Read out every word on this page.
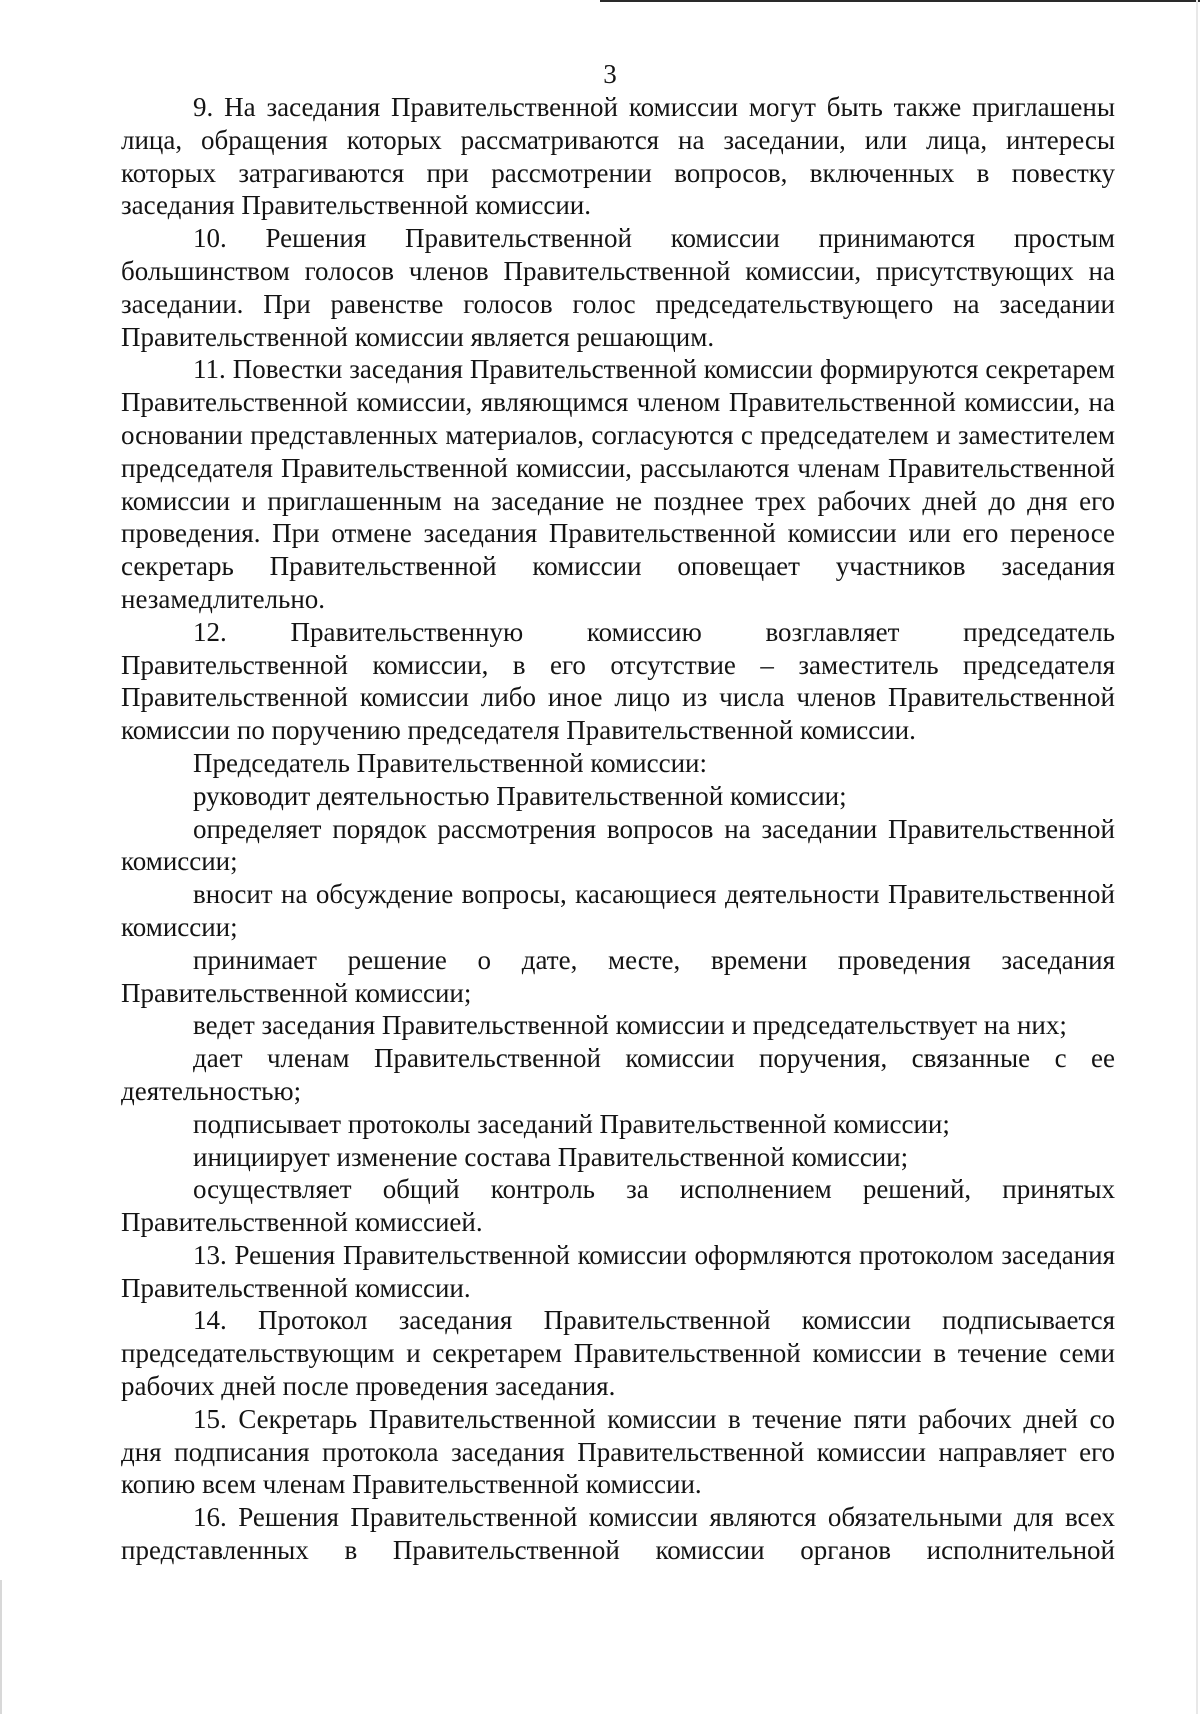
3

9. На заседания Правительственной комиссии могут быть также приглашены лица, обращения которых рассматриваются на заседании, или лица, интересы которых затрагиваются при рассмотрении вопросов, включенных в повестку заседания Правительственной комиссии.

10. Решения Правительственной комиссии принимаются простым большинством голосов членов Правительственной комиссии, присутствующих на заседании. При равенстве голосов голос председательствующего на заседании Правительственной комиссии является решающим.

11. Повестки заседания Правительственной комиссии формируются секретарем Правительственной комиссии, являющимся членом Правительственной комиссии, на основании представленных материалов, согласуются с председателем и заместителем председателя Правительственной комиссии, рассылаются членам Правительственной комиссии и приглашенным на заседание не позднее трех рабочих дней до дня его проведения. При отмене заседания Правительственной комиссии или его переносе секретарь Правительственной комиссии оповещает участников заседания незамедлительно.

12. Правительственную комиссию возглавляет председатель Правительственной комиссии, в его отсутствие – заместитель председателя Правительственной комиссии либо иное лицо из числа членов Правительственной комиссии по поручению председателя Правительственной комиссии.

Председатель Правительственной комиссии:

руководит деятельностью Правительственной комиссии;

определяет порядок рассмотрения вопросов на заседании Правительственной комиссии;

вносит на обсуждение вопросы, касающиеся деятельности Правительственной комиссии;

принимает решение о дате, месте, времени проведения заседания Правительственной комиссии;

ведет заседания Правительственной комиссии и председательствует на них;

дает членам Правительственной комиссии поручения, связанные с ее деятельностью;

подписывает протоколы заседаний Правительственной комиссии;

инициирует изменение состава Правительственной комиссии;

осуществляет общий контроль за исполнением решений, принятых Правительственной комиссией.

13. Решения Правительственной комиссии оформляются протоколом заседания Правительственной комиссии.

14. Протокол заседания Правительственной комиссии подписывается председательствующим и секретарем Правительственной комиссии в течение семи рабочих дней после проведения заседания.

15. Секретарь Правительственной комиссии в течение пяти рабочих дней со дня подписания протокола заседания Правительственной комиссии направляет его копию всем членам Правительственной комиссии.

16. Решения Правительственной комиссии являются обязательными для всех представленных в Правительственной комиссии органов исполнительной
